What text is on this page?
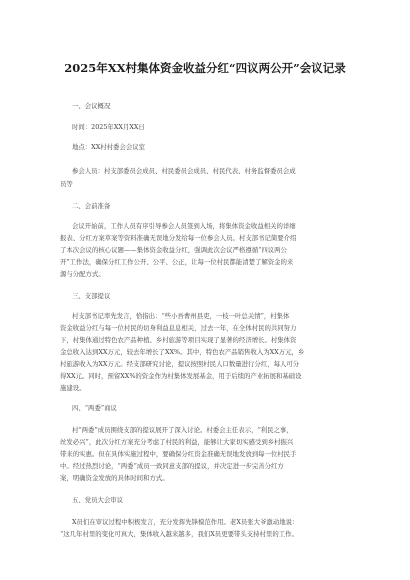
2025年XX村集体资金收益分红“四议两公开”会议记录
一、会议概况
时间：2025年XX月XX日
地点：XX村村委会会议室
参会人员：村支部委员会成员、村民委员会成员、村民代表、村务监督委员会成
员等
二、会前准备
会议开始前，工作人员有序引导参会人员签到入场，将集体资金收益相关的详细
报表、分红方案草案等资料准确无误地分发给每一位参会人员。村支部书记简要介绍
了本次会议的核心议题——集体资金收益分红，强调此次会议严格遵循“四议两公
开”工作法，确保分红工作公开、公平、公正，让每一位村民都能清楚了解资金的来
源与分配方式。
三、支部提议
村支部书记率先发言，恰指出：“些小吾曹州县吏，一枝一叶总关情”，村集体
资金收益分红与每一位村民的切身利益息息相关，过去一年，在全体村民的共同努力
下，村集体通过特色农产品种植、乡村旅游等项目实现了显著的经济增长。村集体资
金总收入达到XX万元，较去年增长了XX%。其中，特色农产品销售收入为XX万元，乡
村旅游收入为XX万元。经支部研究讨论，提议按照村民人口数量进行分红，每人可分
得XX元。同时，预留XX%的资金作为村集体发展基金，用于后续的产业拓展和基础设
施建设。
四、“两委”商议
村“两委”成员围绕支部的提议展开了深入讨论。村委会主任表示，“利民之事，
丝发必兴”，此次分红方案充分考虑了村民的利益，能够让大家切实感受到乡村振兴
带来的实惠。但在具体实施过程中，要确保分红资金准确无误地发放到每一位村民手
中。经过热烈讨论，“两委”成员一致同意支部的提议，并决定进一步完善分红方
案，明确资金发放的具体时间和方式。
五、党员大会审议
X员们在审议过程中积极发言，充分发挥先锋模范作用。老X员张大爷激动地说：
“这几年村里的变化可真大，集体收入越来越多，我们X员更要带头支持村里的工作。
